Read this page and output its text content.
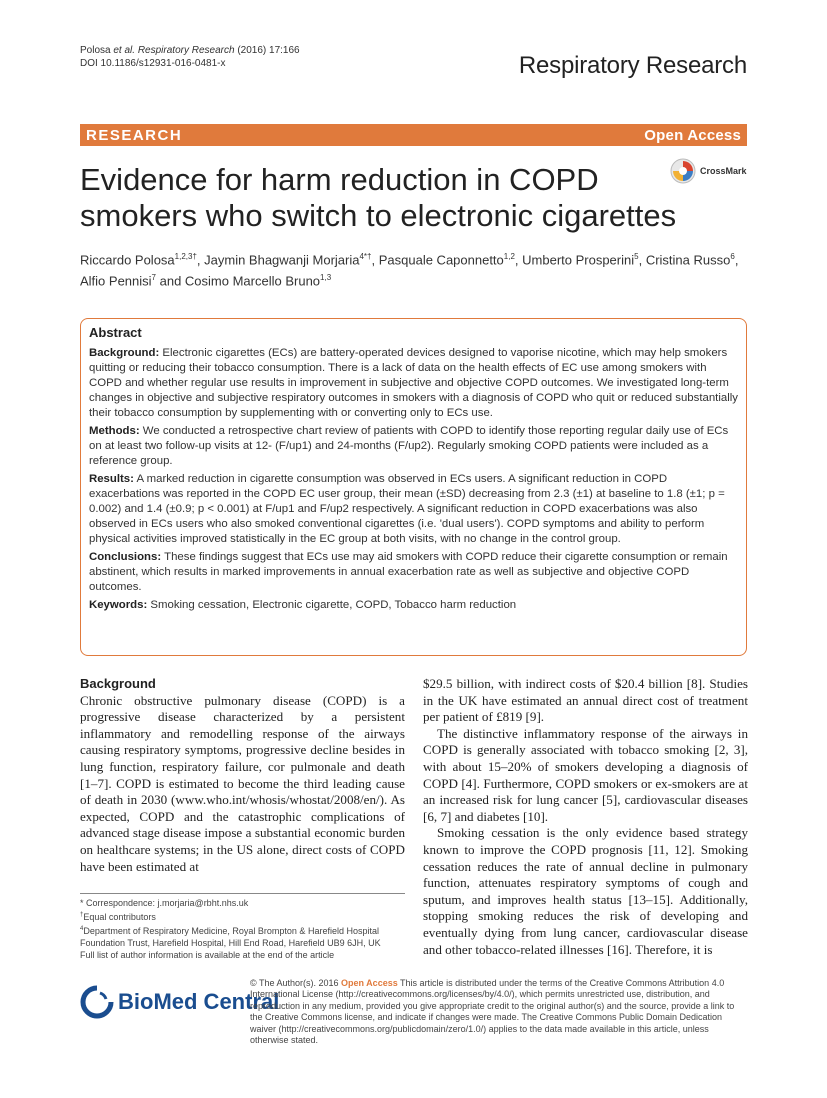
Polosa et al. Respiratory Research (2016) 17:166
DOI 10.1186/s12931-016-0481-x	Respiratory Research
RESEARCH	Open Access
Evidence for harm reduction in COPD smokers who switch to electronic cigarettes
CrossMark
Riccardo Polosa$^{1,2,3\dagger}$, Jaymin Bhagwanji Morjaria$^{4*\dagger}$, Pasquale Caponnetto$^{1,2}$, Umberto Prosperini$^5$, Cristina Russo$^6$, Alfio Pennisi$^7$ and Cosimo Marcello Bruno$^{1,3}$
Abstract

Background: Electronic cigarettes (ECs) are battery-operated devices designed to vaporise nicotine, which may help smokers quitting or reducing their tobacco consumption. There is a lack of data on the health effects of EC use among smokers with COPD and whether regular use results in improvement in subjective and objective COPD outcomes. We investigated long-term changes in objective and subjective respiratory outcomes in smokers with a diagnosis of COPD who quit or reduced substantially their tobacco consumption by supplementing with or converting only to ECs use.

Methods: We conducted a retrospective chart review of patients with COPD to identify those reporting regular daily use of ECs on at least two follow-up visits at 12- (F/up1) and 24-months (F/up2). Regularly smoking COPD patients were included as a reference group.

Results: A marked reduction in cigarette consumption was observed in ECs users. A significant reduction in COPD exacerbations was reported in the COPD EC user group, their mean (±SD) decreasing from 2.3 (±1) at baseline to 1.8 (±1; p = 0.002) and 1.4 (±0.9; p < 0.001) at F/up1 and F/up2 respectively. A significant reduction in COPD exacerbations was also observed in ECs users who also smoked conventional cigarettes (i.e. 'dual users'). COPD symptoms and ability to perform physical activities improved statistically in the EC group at both visits, with no change in the control group.

Conclusions: These findings suggest that ECs use may aid smokers with COPD reduce their cigarette consumption or remain abstinent, which results in marked improvements in annual exacerbation rate as well as subjective and objective COPD outcomes.

Keywords: Smoking cessation, Electronic cigarette, COPD, Tobacco harm reduction

Background

Chronic obstructive pulmonary disease (COPD) is a progressive disease characterized by a persistent inflammatory and remodelling response of the airways causing respiratory symptoms, progressive decline besides in lung function, respiratory failure, cor pulmonale and death [1–7]. COPD is estimated to become the third leading cause of death in 2030 (www.who.int/whosis/whostat/2008/en/). As expected, COPD and the catastrophic complications of advanced stage disease impose a substantial economic burden on healthcare systems; in the US alone, direct costs of COPD have been estimated at

$29.5 billion, with indirect costs of $20.4 billion [8]. Studies in the UK have estimated an annual direct cost of treatment per patient of £819 [9].

The distinctive inflammatory response of the airways in COPD is generally associated with tobacco smoking [2, 3], with about 15–20% of smokers developing a diagnosis of COPD [4]. Furthermore, COPD smokers or ex-smokers are at an increased risk for lung cancer [5], cardiovascular diseases [6, 7] and diabetes [10].

Smoking cessation is the only evidence based strategy known to improve the COPD prognosis [11, 12]. Smoking cessation reduces the rate of annual decline in pulmonary function, attenuates respiratory symptoms of cough and sputum, and improves health status [13–15]. Additionally, stopping smoking reduces the risk of developing and eventually dying from lung cancer, cardiovascular disease and other tobacco-related illnesses [16]. Therefore, it is

* Correspondence: j.morjaria@rbht.nhs.uk

†Equal contributors

$^4$Department of Respiratory Medicine, Royal Brompton & Harefield Hospital Foundation Trust, Harefield Hospital, Hill End Road, Harefield UB9 6JH, UK

Full list of author information is available at the end of the article

BioMed Central
© The Author(s). 2016 Open Access This article is distributed under the terms of the Creative Commons Attribution 4.0 International License (http://creativecommons.org/licenses/by/4.0/), which permits unrestricted use, distribution, and reproduction in any medium, provided you give appropriate credit to the original author(s) and the source, provide a link to the Creative Commons license, and indicate if changes were made. The Creative Commons Public Domain Dedication waiver (http://creativecommons.org/publicdomain/zero/1.0/) applies to the data made available in this article, unless otherwise stated.
